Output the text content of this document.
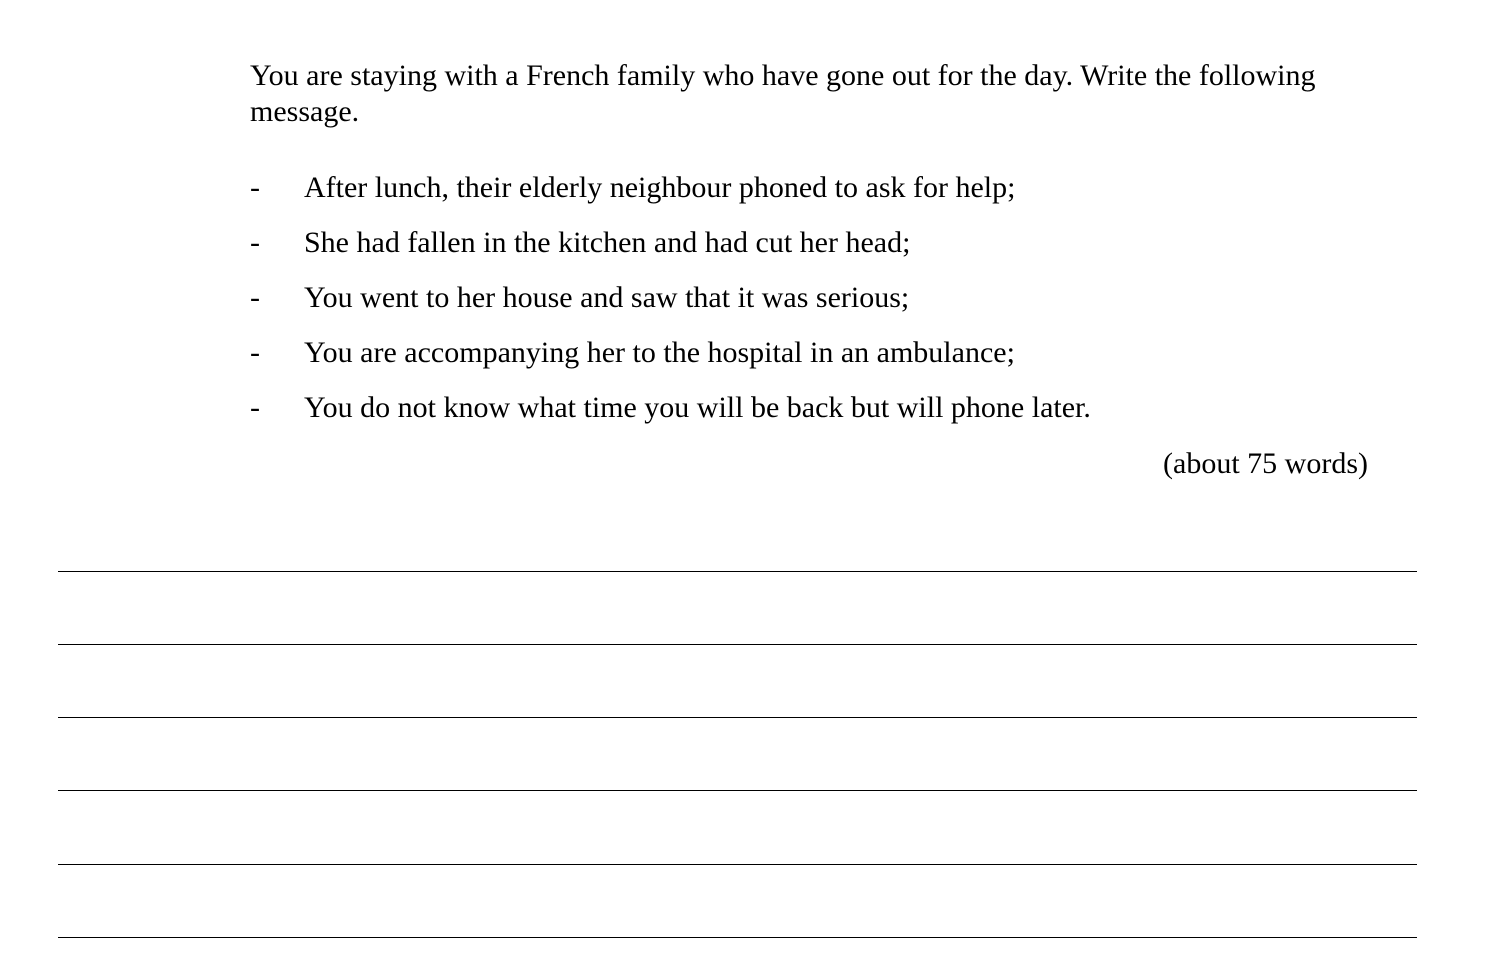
You are staying with a French family who have gone out for the day. Write the following message.

-	After lunch, their elderly neighbour phoned to ask for help;
-	She had fallen in the kitchen and had cut her head;
-	You went to her house and saw that it was serious;
-	You are accompanying her to the hospital in an ambulance;
-	You do not know what time you will be back but will phone later.

(about 75 words)
